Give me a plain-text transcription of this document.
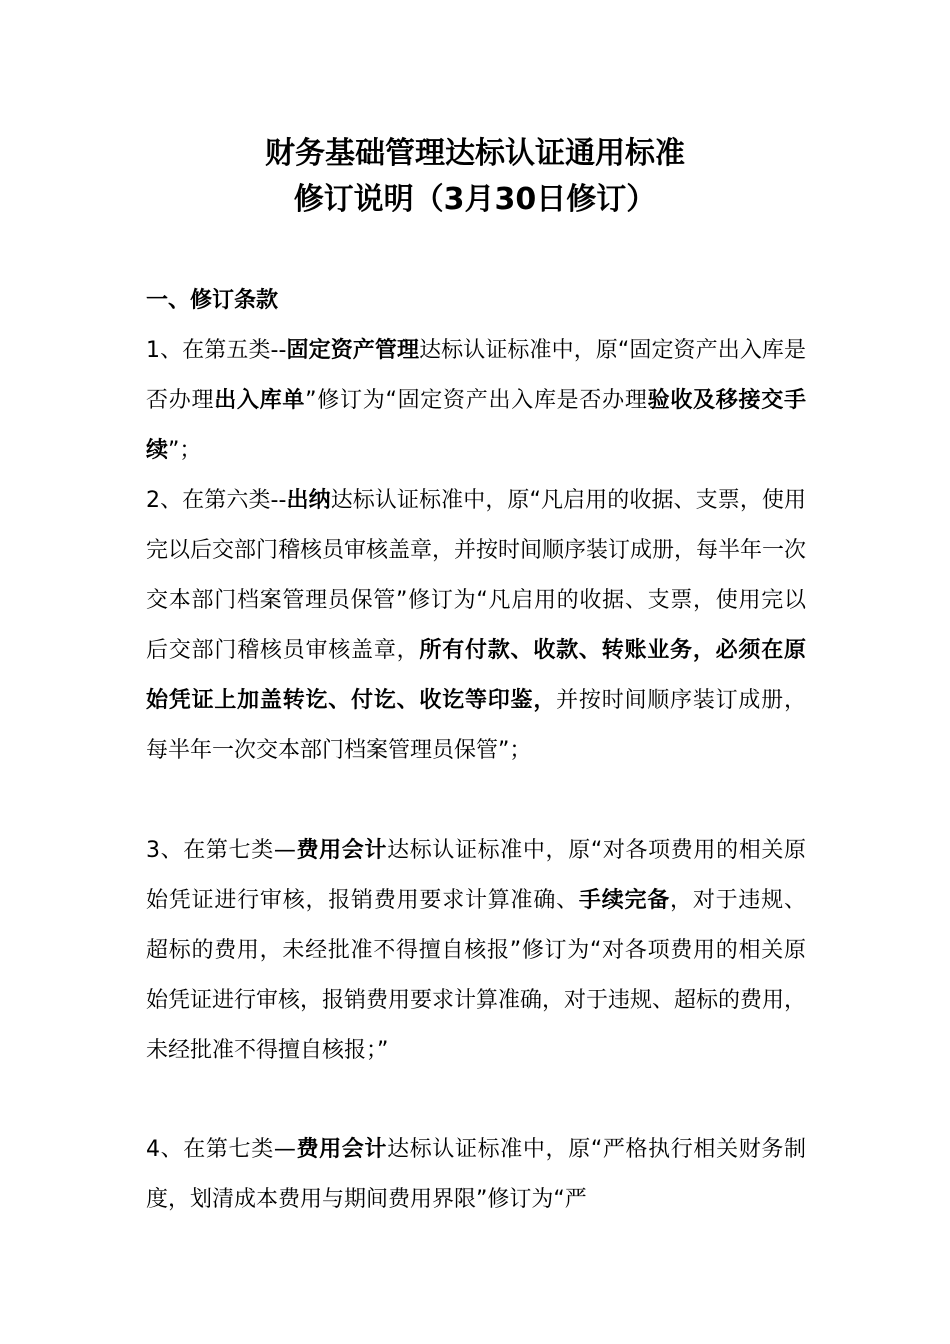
财务基础管理达标认证通用标准
修订说明（3月30日修订）
一、修订条款

1、在第五类--固定资产管理达标认证标准中，原“固定资产出入库是否办理出入库单”修订为“固定资产出入库是否办理验收及移接交手续”；

2、在第六类--出纳达标认证标准中，原“凡启用的收据、支票，使用完以后交部门稽核员审核盖章，并按时间顺序装订成册，每半年一次交本部门档案管理员保管”修订为“凡启用的收据、支票，使用完以后交部门稽核员审核盖章，所有付款、收款、转账业务，必须在原始凭证上加盖转讫、付讫、收讫等印鉴，并按时间顺序装订成册，每半年一次交本部门档案管理员保管”；

3、在第七类—费用会计达标认证标准中，原“对各项费用的相关原始凭证进行审核，报销费用要求计算准确、手续完备，对于违规、超标的费用，未经批准不得擅自核报”修订为“对各项费用的相关原始凭证进行审核，报销费用要求计算准确，对于违规、超标的费用，未经批准不得擅自核报；”

4、在第七类—费用会计达标认证标准中，原“严格执行相关财务制度，划清成本费用与期间费用界限”修订为“严
